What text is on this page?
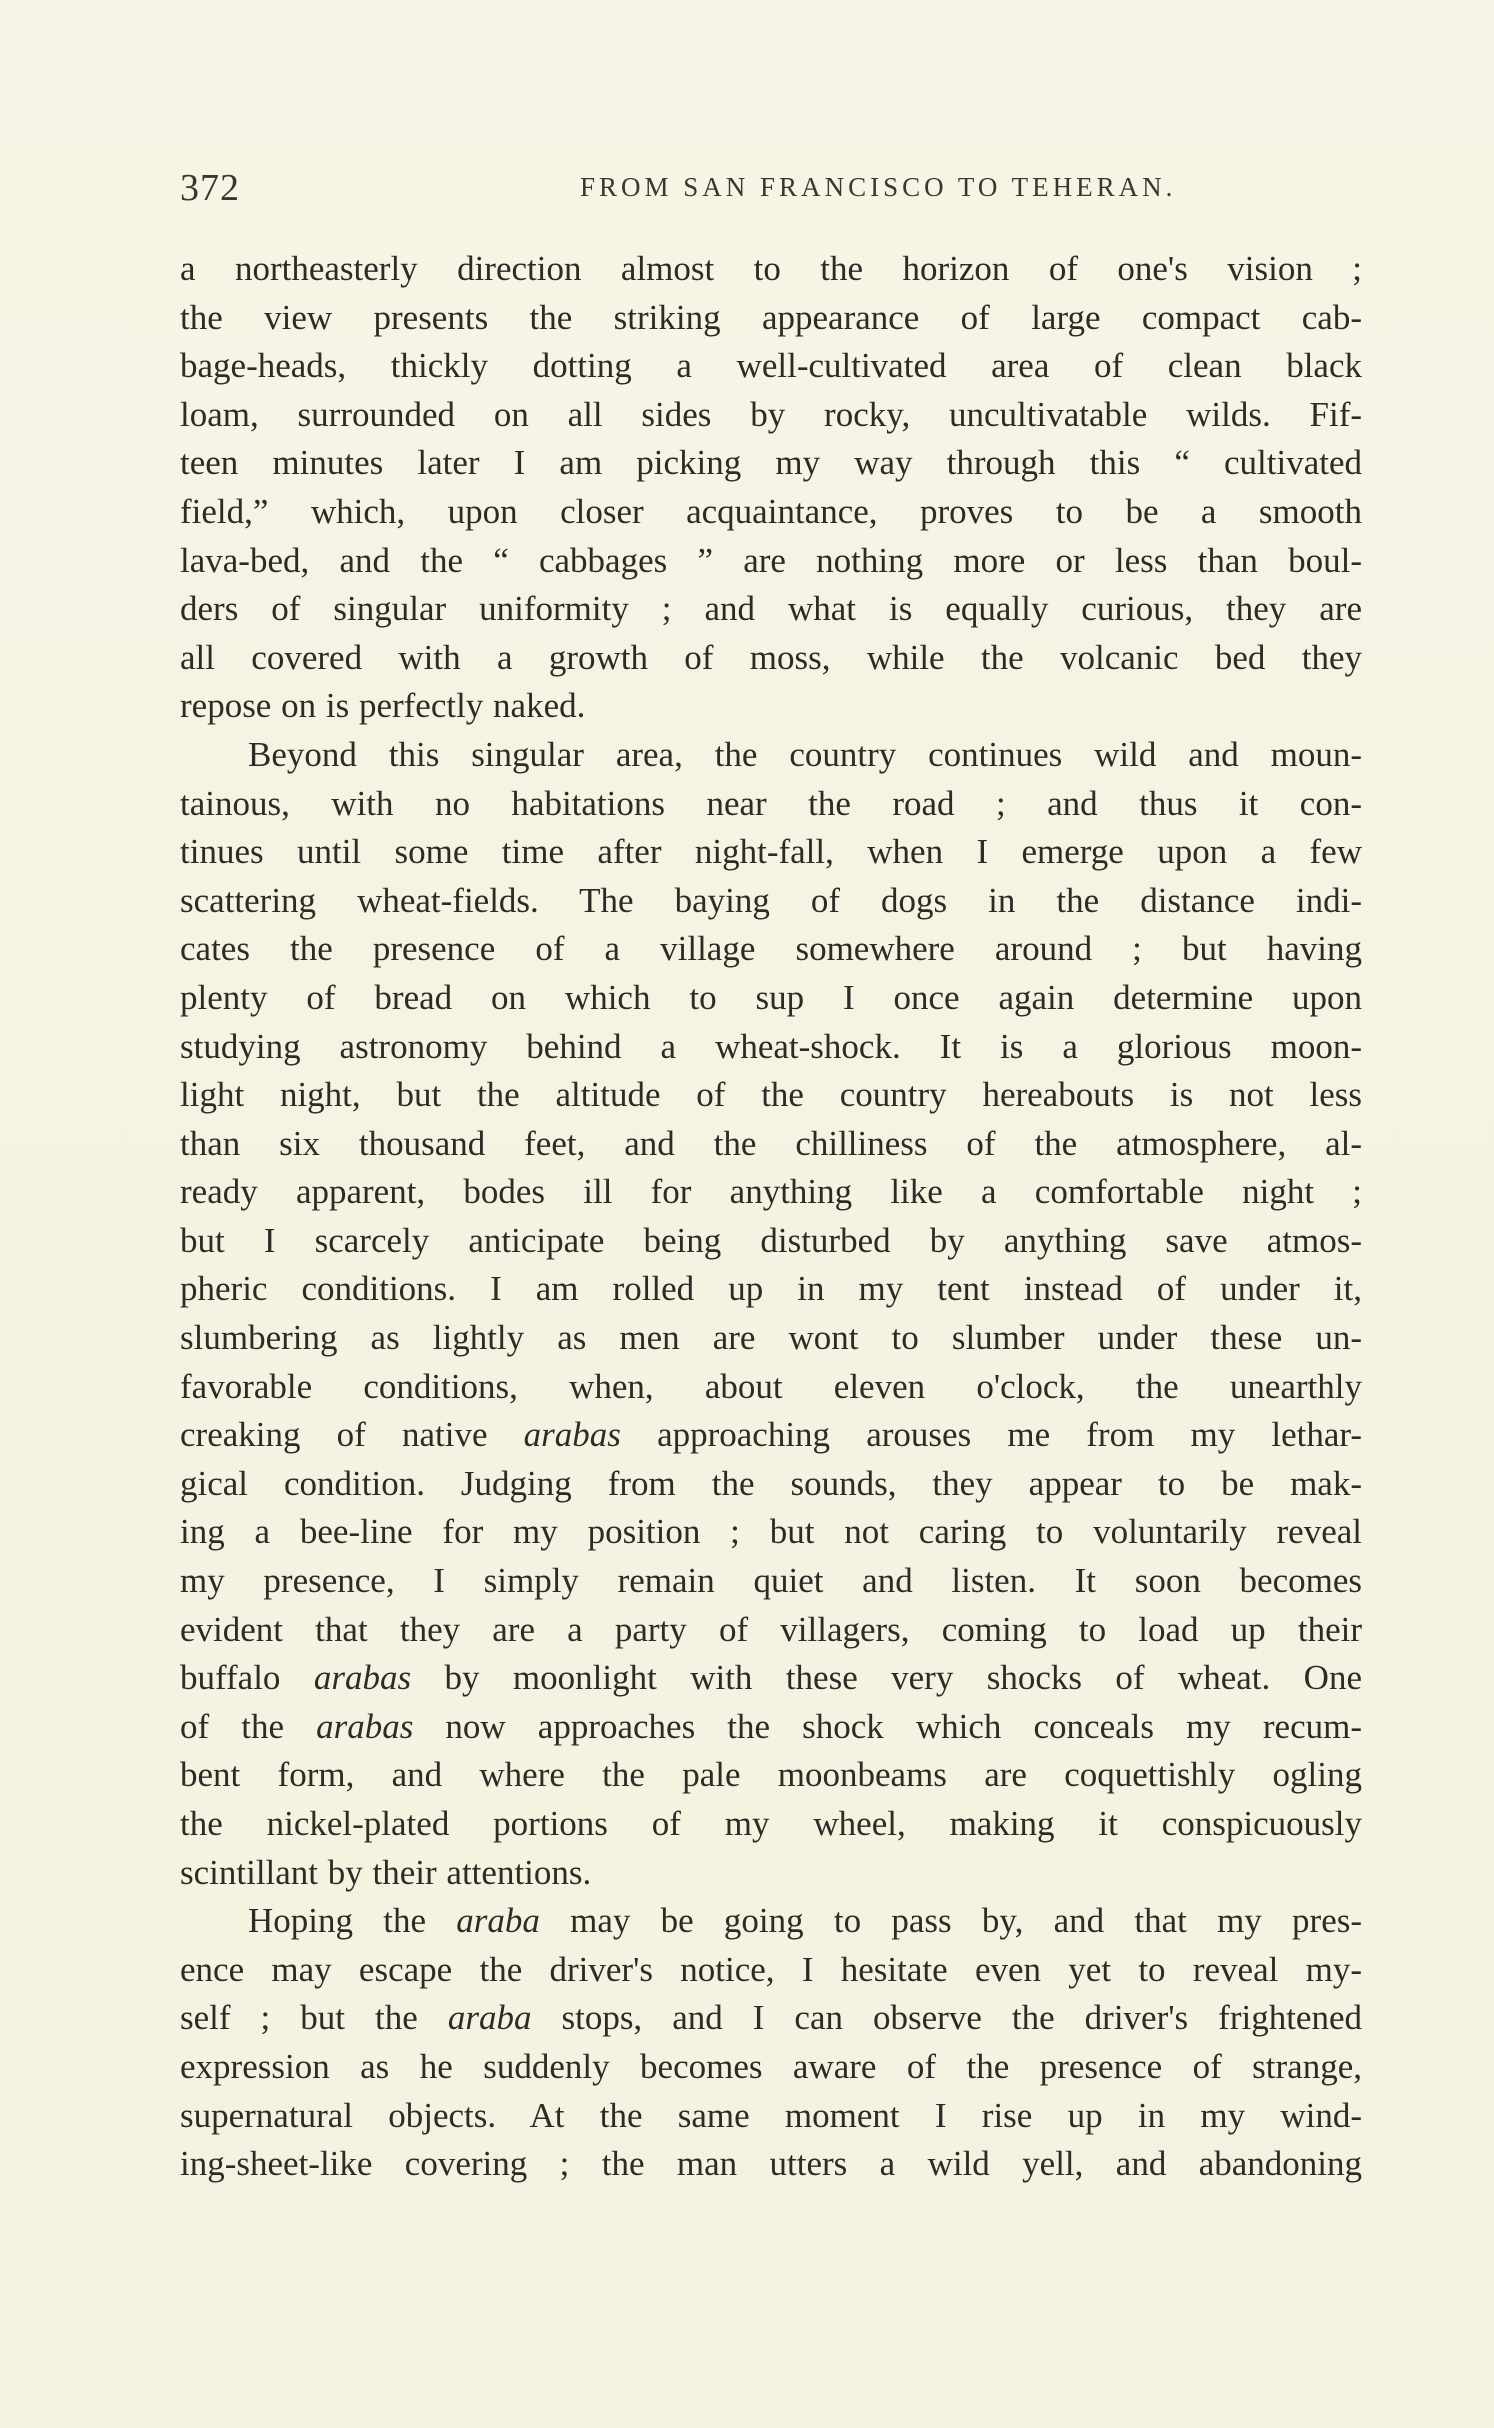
372	FROM SAN FRANCISCO TO TEHERAN.
a northeasterly direction almost to the horizon of one's vision ;
the view presents the striking appearance of large compact cab-
bage-heads, thickly dotting a well-cultivated area of clean black
loam, surrounded on all sides by rocky, uncultivatable wilds. Fif-
teen minutes later I am picking my way through this “ cultivated
field,” which, upon closer acquaintance, proves to be a smooth
lava-bed, and the “ cabbages ” are nothing more or less than boul-
ders of singular uniformity ; and what is equally curious, they are
all covered with a growth of moss, while the volcanic bed they
repose on is perfectly naked.
Beyond this singular area, the country continues wild and moun-
tainous, with no habitations near the road ; and thus it con-
tinues until some time after night-fall, when I emerge upon a few
scattering wheat-fields. The baying of dogs in the distance indi-
cates the presence of a village somewhere around ; but having
plenty of bread on which to sup I once again determine upon
studying astronomy behind a wheat-shock. It is a glorious moon-
light night, but the altitude of the country hereabouts is not less
than six thousand feet, and the chilliness of the atmosphere, al-
ready apparent, bodes ill for anything like a comfortable night ;
but I scarcely anticipate being disturbed by anything save atmos-
pheric conditions. I am rolled up in my tent instead of under it,
slumbering as lightly as men are wont to slumber under these un-
favorable conditions, when, about eleven o'clock, the unearthly
creaking of native arabas approaching arouses me from my lethar-
gical condition. Judging from the sounds, they appear to be mak-
ing a bee-line for my position ; but not caring to voluntarily reveal
my presence, I simply remain quiet and listen. It soon becomes
evident that they are a party of villagers, coming to load up their
buffalo arabas by moonlight with these very shocks of wheat. One
of the arabas now approaches the shock which conceals my recum-
bent form, and where the pale moonbeams are coquettishly ogling
the nickel-plated portions of my wheel, making it conspicuously
scintillant by their attentions.
Hoping the araba may be going to pass by, and that my pres-
ence may escape the driver's notice, I hesitate even yet to reveal my-
self ; but the araba stops, and I can observe the driver's frightened
expression as he suddenly becomes aware of the presence of strange,
supernatural objects. At the same moment I rise up in my wind-
ing-sheet-like covering ; the man utters a wild yell, and abandoning
